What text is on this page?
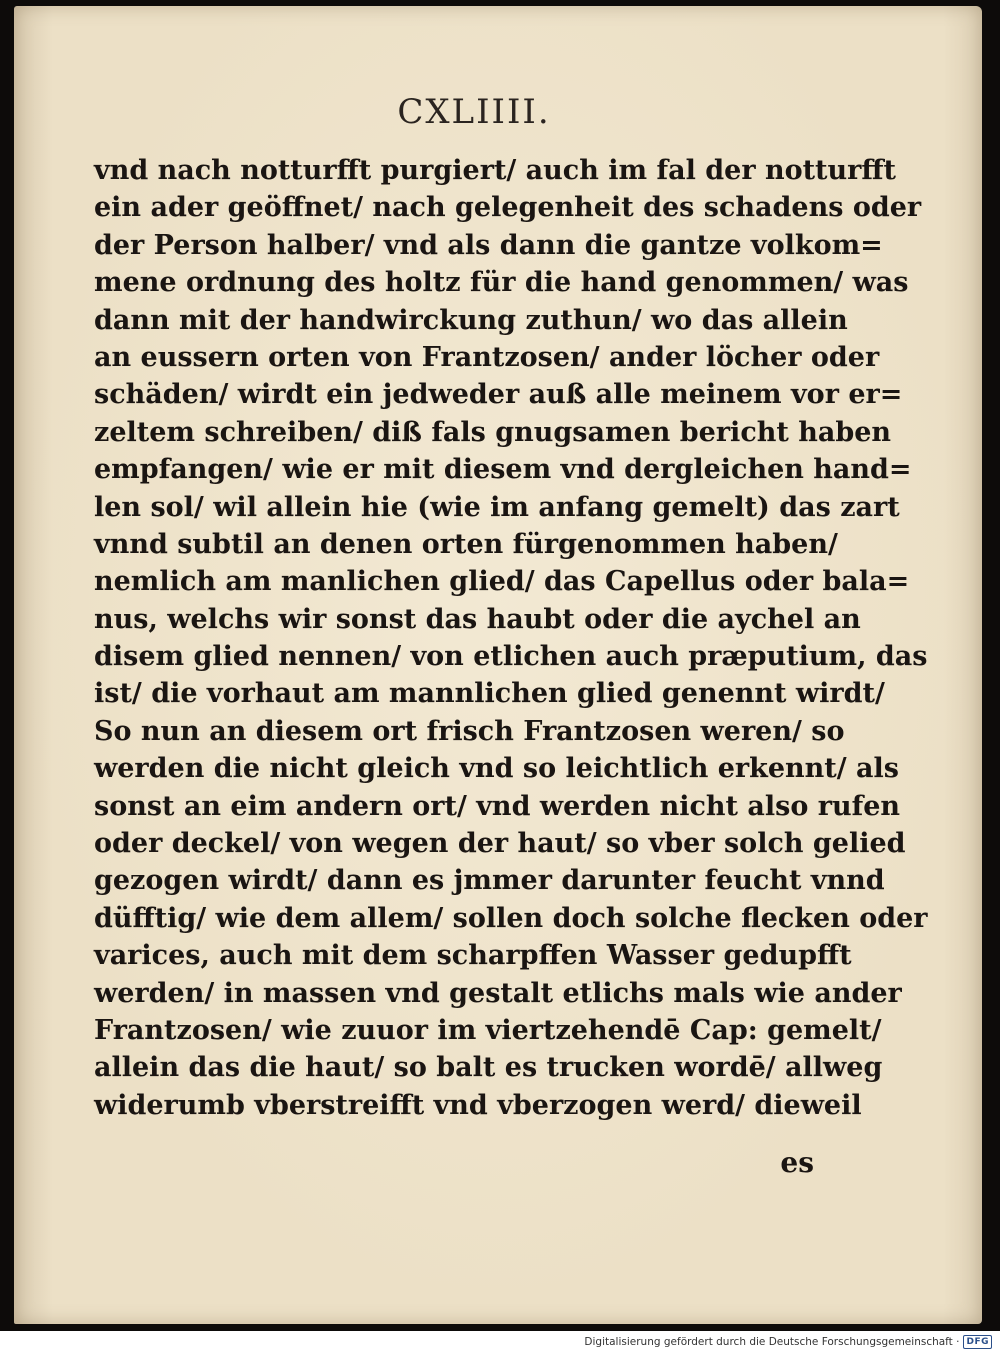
CXLIIII.
vnd nach notturfft purgiert/ auch im fal der notturfft
ein ader geöffnet/ nach gelegenheit des schadens oder
der Person halber/ vnd als dann die gantze volkom=
mene ordnung des holtz für die hand genommen/ was
dann mit der handwirckung zuthun/ wo das allein
an eussern orten von Frantzosen/ ander löcher oder
schäden/ wirdt ein jedweder auß alle meinem vor er=
zeltem schreiben/ diß fals gnugsamen bericht haben
empfangen/ wie er mit diesem vnd dergleichen hand=
len sol/ wil allein hie (wie im anfang gemelt) das zart
vnnd subtil an denen orten fürgenommen haben/
nemlich am manlichen glied/ das Capellus oder bala=
nus, welchs wir sonst das haubt oder die aychel an
disem glied nennen/ von etlichen auch præputium, das
ist/ die vorhaut am mannlichen glied genennt wirdt/
So nun an diesem ort frisch Frantzosen weren/ so
werden die nicht gleich vnd so leichtlich erkennt/ als
sonst an eim andern ort/ vnd werden nicht also rufen
oder deckel/ von wegen der haut/ so vber solch gelied
gezogen wirdt/ dann es jmmer darunter feucht vnnd
düfftig/ wie dem allem/ sollen doch solche flecken oder
varices, auch mit dem scharpffen Wasser gedupfft
werden/ in massen vnd gestalt etlichs mals wie ander
Frantzosen/ wie zuuor im viertzehendē Cap: gemelt/
allein das die haut/ so balt es trucken wordē/ allweg
widerumb vberstreifft vnd vberzogen werd/ dieweil
es
Digitalisierung gefördert durch die Deutsche Forschungsgemeinschaft · DFG
